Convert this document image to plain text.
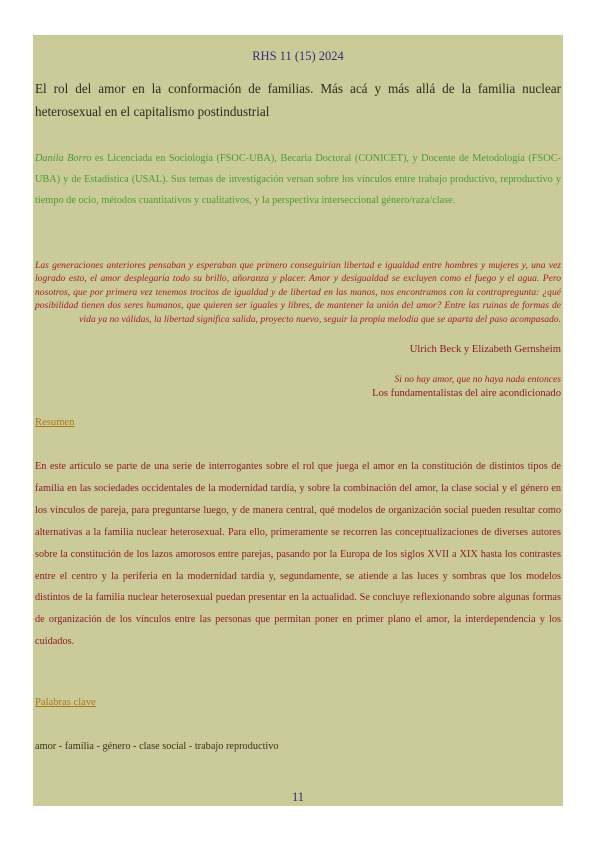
RHS 11 (15) 2024
El rol del amor en la conformación de familias. Más acá y más allá de la familia nuclear heterosexual en el capitalismo postindustrial
Danila Borro es Licenciada en Sociología (FSOC-UBA), Becaria Doctoral (CONICET), y Docente de Metodología (FSOC-UBA) y de Estadística (USAL). Sus temas de investigación versan sobre los vínculos entre trabajo productivo, reproductivo y tiempo de ocio, métodos cuantitativos y cualitativos, y la perspectiva interseccional género/raza/clase.
Las generaciones anteriores pensaban y esperaban que primero conseguirían libertad e igualdad entre hombres y mujeres y, una vez logrado esto, el amor desplegaría todo su brillo, añoranza y placer. Amor y desigualdad se excluyen como el fuego y el agua. Pero nosotros, que por primera vez tenemos trocitos de igualdad y de libertad en las manos, nos encontramos con la contrapregunta: ¿qué posibilidad tienen dos seres humanos, que quieren ser iguales y libres, de mantener la unión del amor? Entre las ruinas de formas de vida ya no válidas, la libertad significa salida, proyecto nuevo, seguir la propia melodía que se aparta del paso acompasado.
Ulrich Beck y Elizabeth Gernsheim
Si no hay amor, que no haya nada entonces
Los fundamentalistas del aire acondicionado
Resumen
En este artículo se parte de una serie de interrogantes sobre el rol que juega el amor en la constitución de distintos tipos de familia en las sociedades occidentales de la modernidad tardía, y sobre la combinación del amor, la clase social y el género en los vínculos de pareja, para preguntarse luego, y de manera central, qué modelos de organización social pueden resultar como alternativas a la familia nuclear heterosexual. Para ello, primeramente se recorren las conceptualizaciones de diverses autores sobre la constitución de los lazos amorosos entre parejas, pasando por la Europa de los siglos XVII a XIX hasta los contrastes entre el centro y la periferia en la modernidad tardía y, segundamente, se atiende a las luces y sombras que los modelos distintos de la familia nuclear heterosexual puedan presentar en la actualidad. Se concluye reflexionando sobre algunas formas de organización de los vínculos entre las personas que permitan poner en primer plano el amor, la interdependencia y los cuidados.
Palabras clave
amor - familia - género - clase social - trabajo reproductivo
11
